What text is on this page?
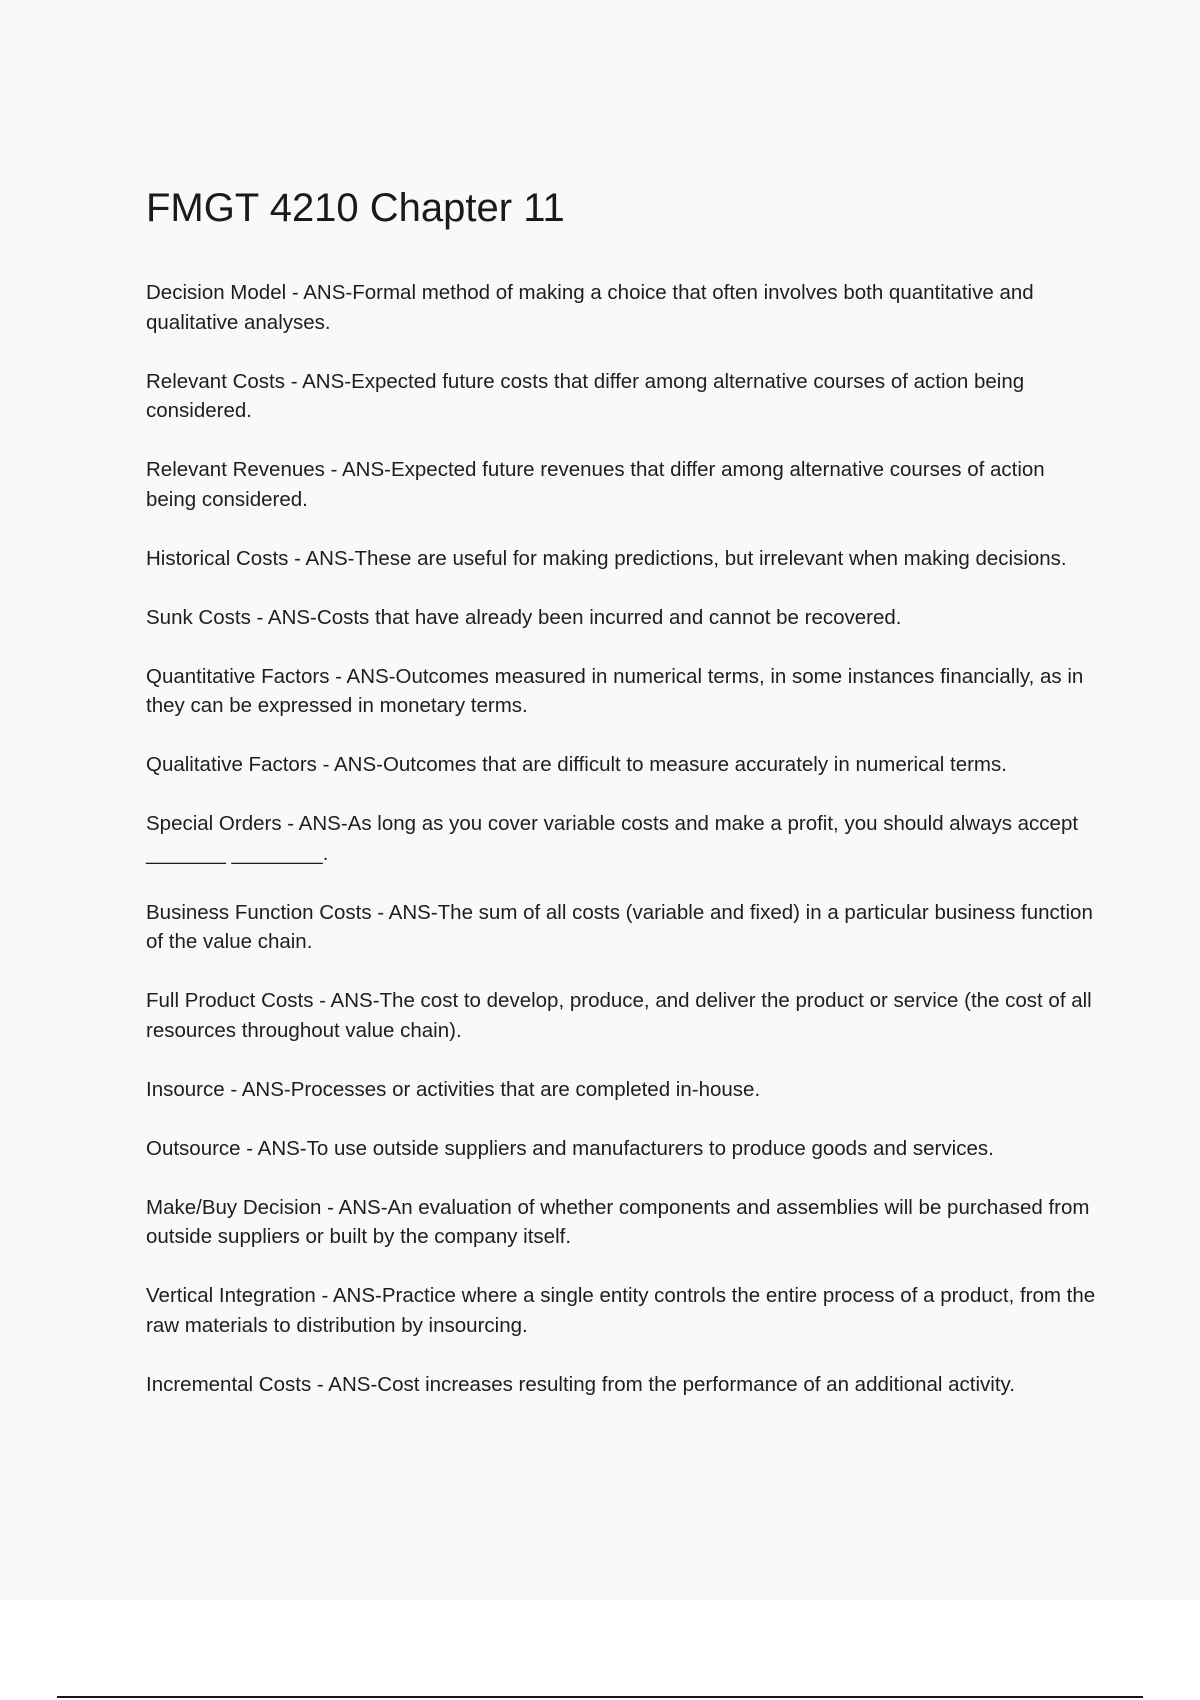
FMGT 4210 Chapter 11
Decision Model - ANS-Formal method of making a choice that often involves both quantitative and qualitative analyses.
Relevant Costs - ANS-Expected future costs that differ among alternative courses of action being considered.
Relevant Revenues - ANS-Expected future revenues that differ among alternative courses of action being considered.
Historical Costs - ANS-These are useful for making predictions, but irrelevant when making decisions.
Sunk Costs - ANS-Costs that have already been incurred and cannot be recovered.
Quantitative Factors - ANS-Outcomes measured in numerical terms, in some instances financially, as in they can be expressed in monetary terms.
Qualitative Factors - ANS-Outcomes that are difficult to measure accurately in numerical terms.
Special Orders - ANS-As long as you cover variable costs and make a profit, you should always accept _______ ________.
Business Function Costs - ANS-The sum of all costs (variable and fixed) in a particular business function of the value chain.
Full Product Costs - ANS-The cost to develop, produce, and deliver the product or service (the cost of all resources throughout value chain).
Insource - ANS-Processes or activities that are completed in-house.
Outsource - ANS-To use outside suppliers and manufacturers to produce goods and services.
Make/Buy Decision - ANS-An evaluation of whether components and assemblies will be purchased from outside suppliers or built by the company itself.
Vertical Integration - ANS-Practice where a single entity controls the entire process of a product, from the raw materials to distribution by insourcing.
Incremental Costs - ANS-Cost increases resulting from the performance of an additional activity.
